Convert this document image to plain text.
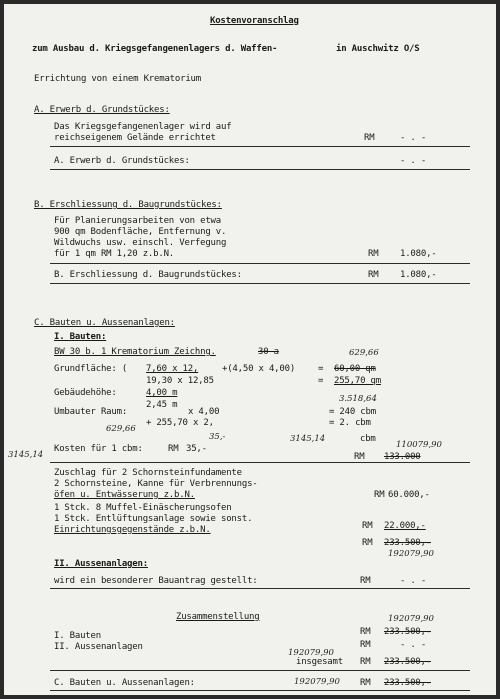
Kostenvoranschlag
zum Ausbau d. Kriegsgefangenenlagers d. Waffen-	in Auschwitz O/S
Errichtung von einem Krematorium
A. Erwerb d. Grundstückes:
Das Kriegsgefangenenlager wird auf
reichseigenem Gelände errichtet	RM	- . -
A. Erwerb d. Grundstückes:	- . -
B. Erschliessung d. Baugrundstückes:
Für Planierungsarbeiten von etwa
900 qm Bodenfläche, Entfernung v.
Wildwuchs usw. einschl. Verfegung
für 1 qm RM 1,20 z.b.N.	RM 1.080,-
B. Erschliessung d. Baugrundstückes:	RM 1.080,-
C. Bauten u. Aussenanlagen:
I. Bauten:
BW 30 b. 1 Krematorium Zeichng.	30 a	629,66
Grundfläche: ( 7,60 x 12,	+(4,50 x 4,00)	= 60,00 qm
19,30 x 12,85	= 255,70 qm
Gebäudehöhe:	4,00 m
2,45 m
3.518,64
Umbauter Raum:	x 4,00	= 240 cbm
+ 255,70 x 2,	= 2. cbm
629,66
35,-	3145,14	cbm
Kosten für 1 cbm:	RM 35,-	110079,90
RM 133.000
3145,14
Zuschlag für 2 Schornsteinfundamente
2 Schornsteine, Kanne für Verbrennungs-
öfen u. Entwässerung z.b.N.	RM 60.000,-
1 Stck. 8 Muffel-Einäscherungsofen
1 Stck. Entlüftungsanlage sowie sonst.
Einrichtungsgegenstände z.b.N.	RM 22.000,-
RM 233.500,-
192079,90
II. Aussenanlagen:
wird ein besonderer Bauantrag gestellt:	RM	- . -
Zusammenstellung	192079,90
I. Bauten	RM 233.500,-
II. Aussenanlagen	RM	- . -
192079,90
insgesamt RM 233.500,-
C. Bauten u. Aussenanlagen:	192079,90 RM 233.500,-
